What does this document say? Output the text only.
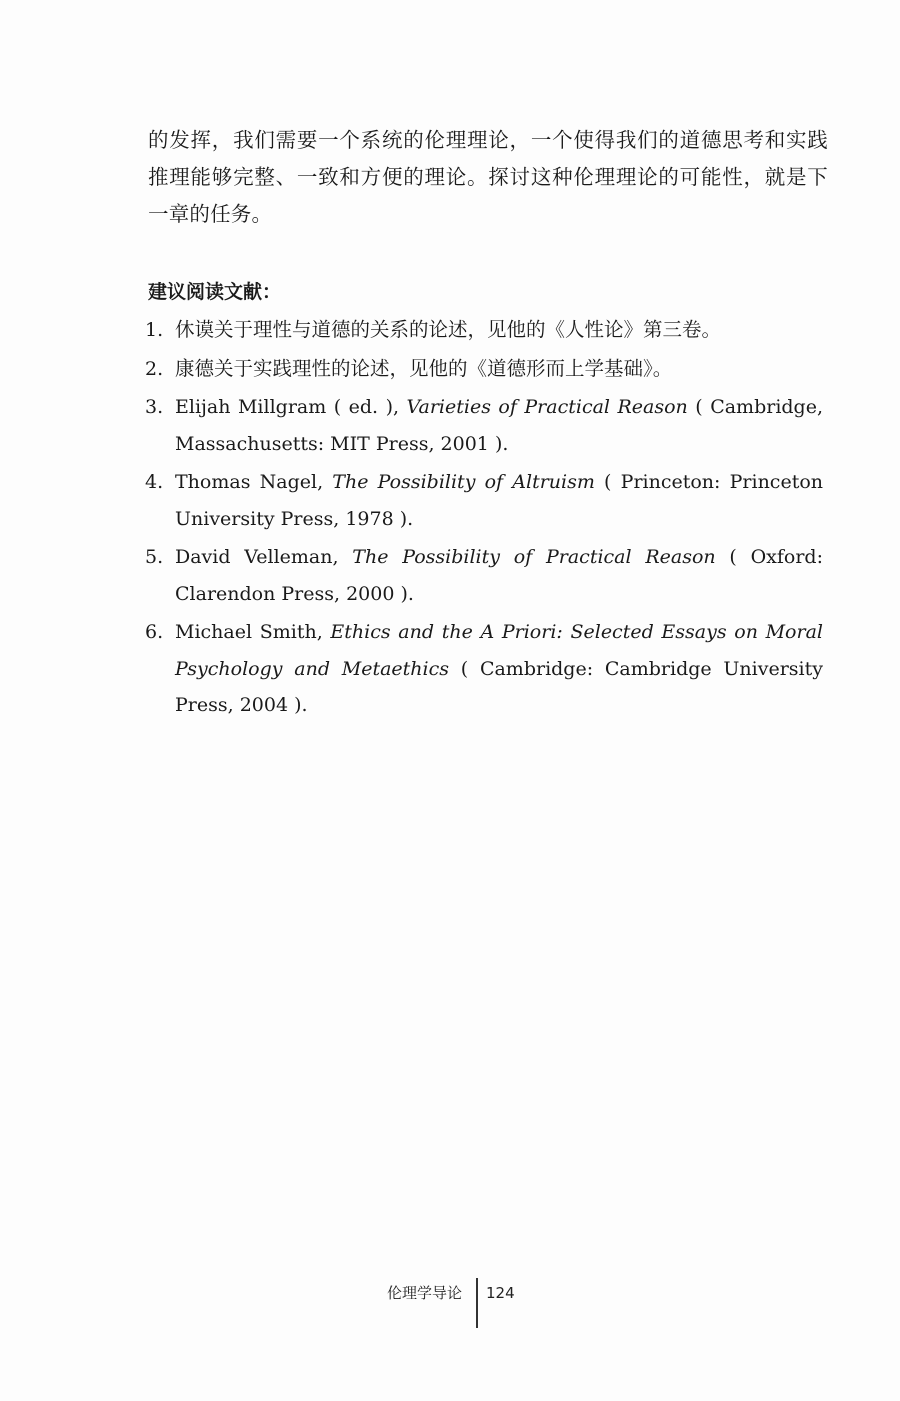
的发挥，我们需要一个系统的伦理理论，一个使得我们的道德思考和实践推理能够完整、一致和方便的理论。探讨这种伦理理论的可能性，就是下一章的任务。

建议阅读文献：
1. 休谟关于理性与道德的关系的论述，见他的《人性论》第三卷。
2. 康德关于实践理性的论述，见他的《道德形而上学基础》。
3. Elijah Millgram ( ed. ), Varieties of Practical Reason ( Cambridge, Massachusetts: MIT Press, 2001 ).
4. Thomas Nagel, The Possibility of Altruism ( Princeton: Princeton University Press, 1978 ).
5. David Velleman, The Possibility of Practical Reason ( Oxford: Clarendon Press, 2000 ).
6. Michael Smith, Ethics and the A Priori: Selected Essays on Moral Psychology and Metaethics ( Cambridge: Cambridge University Press, 2004 ).
伦理学导论 124
